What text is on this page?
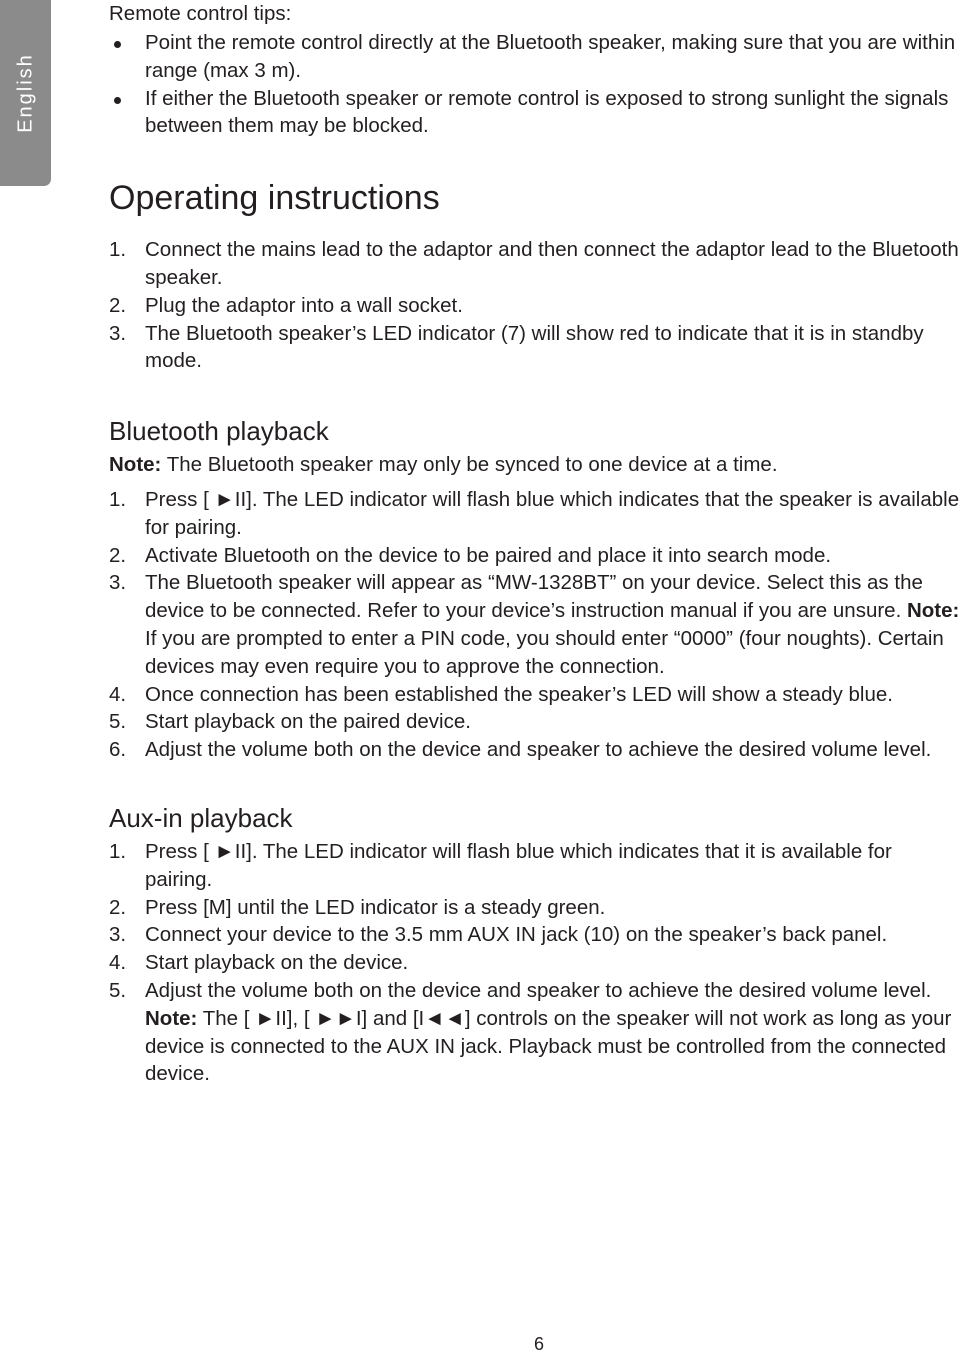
English

Remote control tips:

Point the remote control directly at the Bluetooth speaker, making sure that you are within range (max 3 m).
If either the Bluetooth speaker or remote control is exposed to strong sunlight the signals between them may be blocked.
Operating instructions
1. Connect the mains lead to the adaptor and then connect the adaptor lead to the Bluetooth speaker.
2. Plug the adaptor into a wall socket.
3. The Bluetooth speaker’s LED indicator (7) will show red to indicate that it is in standby mode.
Bluetooth playback

Note: The Bluetooth speaker may only be synced to one device at a time.

1. Press [ ►II]. The LED indicator will flash blue which indicates that the speaker is available for pairing.
2. Activate Bluetooth on the device to be paired and place it into search mode.
3. The Bluetooth speaker will appear as “MW-1328BT” on your device. Select this as the device to be connected. Refer to your device’s instruction manual if you are unsure. Note: If you are prompted to enter a PIN code, you should enter “0000” (four noughts). Certain devices may even require you to approve the connection.
4. Once connection has been established the speaker’s LED will show a steady blue.
5. Start playback on the paired device.
6. Adjust the volume both on the device and speaker to achieve the desired volume level.
Aux-in playback
1. Press [ ►II]. The LED indicator will flash blue which indicates that it is available for pairing.
2. Press [M] until the LED indicator is a steady green.
3. Connect your device to the 3.5 mm AUX IN jack (10) on the speaker’s back panel.
4. Start playback on the device.
5. Adjust the volume both on the device and speaker to achieve the desired volume level.
Note: The [ ►II], [ ►►I] and [I◄◄] controls on the speaker will not work as long as your device is connected to the AUX IN jack. Playback must be controlled from the connected device.
6
